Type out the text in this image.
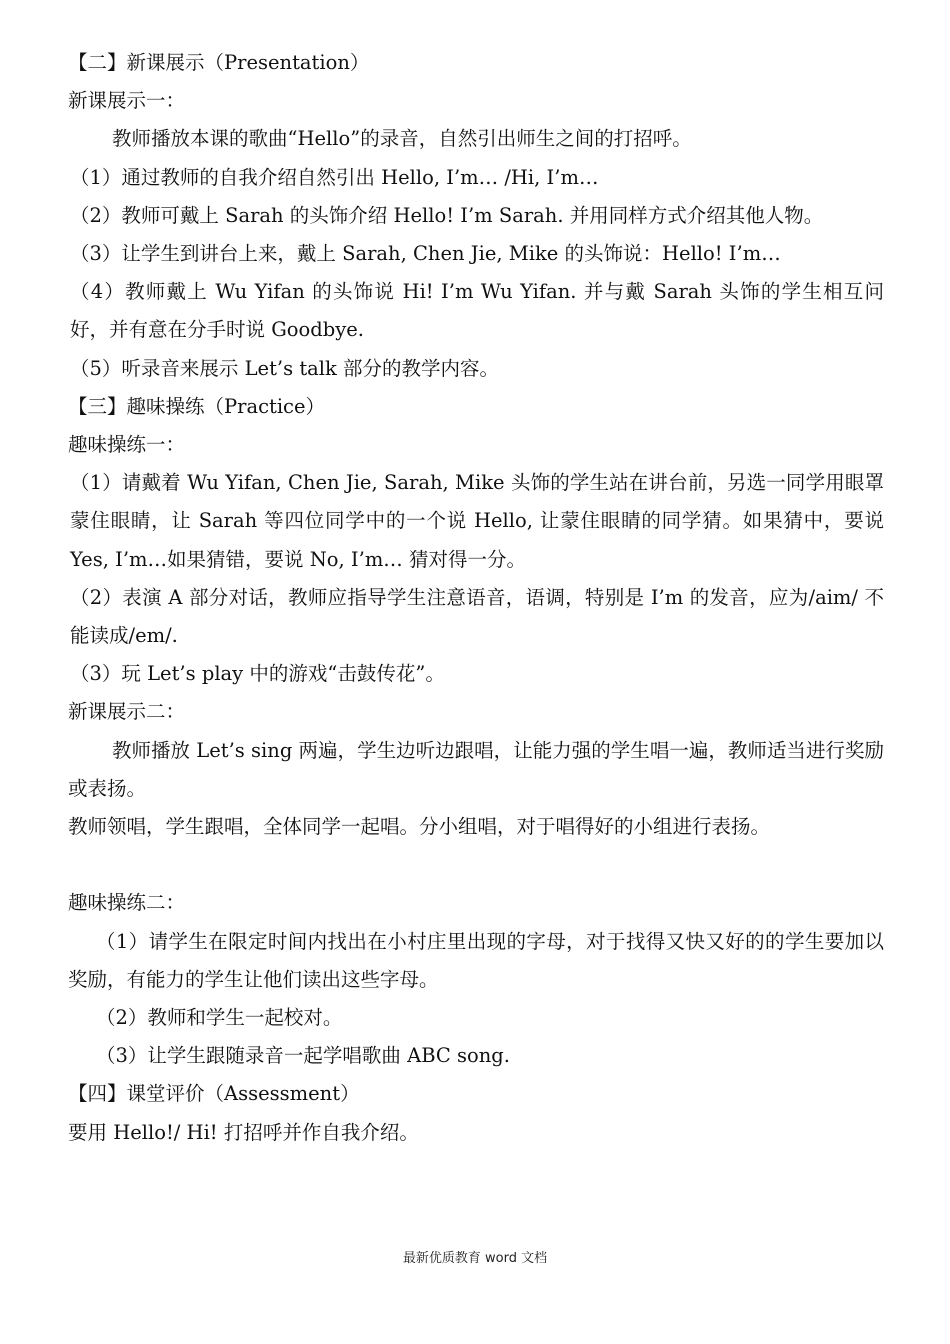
【二】新课展示（Presentation）

新课展示一：

教师播放本课的歌曲“Hello”的录音，自然引出师生之间的打招呼。

（1）通过教师的自我介绍自然引出 Hello, I’m… /Hi, I’m…

（2）教师可戴上 Sarah 的头饰介绍 Hello! I’m Sarah. 并用同样方式介绍其他人物。

（3）让学生到讲台上来，戴上 Sarah, Chen Jie, Mike 的头饰说：Hello! I’m…

（4）教师戴上 Wu Yifan 的头饰说 Hi! I’m Wu Yifan. 并与戴 Sarah 头饰的学生相互问好，并有意在分手时说 Goodbye.

（5）听录音来展示 Let’s talk 部分的教学内容。

【三】趣味操练（Practice）

趣味操练一：

（1）请戴着 Wu Yifan, Chen Jie, Sarah, Mike 头饰的学生站在讲台前，另选一同学用眼罩蒙住眼睛，让 Sarah 等四位同学中的一个说 Hello, 让蒙住眼睛的同学猜。如果猜中，要说 Yes, I’m…如果猜错，要说 No, I’m… 猜对得一分。

（2）表演 A 部分对话，教师应指导学生注意语音，语调，特别是 I’m 的发音，应为/aim/ 不能读成/em/.

（3）玩 Let’s play 中的游戏“击鼓传花”。

新课展示二：

教师播放 Let’s sing 两遍，学生边听边跟唱，让能力强的学生唱一遍，教师适当进行奖励或表扬。

教师领唱，学生跟唱，全体同学一起唱。分小组唱，对于唱得好的小组进行表扬。

趣味操练二：

（1）请学生在限定时间内找出在小村庄里出现的字母，对于找得又快又好的的学生要加以奖励，有能力的学生让他们读出这些字母。

（2）教师和学生一起校对。

（3）让学生跟随录音一起学唱歌曲 ABC song.

【四】课堂评价（Assessment）

要用 Hello!/ Hi! 打招呼并作自我介绍。

最新优质教育 word 文档
